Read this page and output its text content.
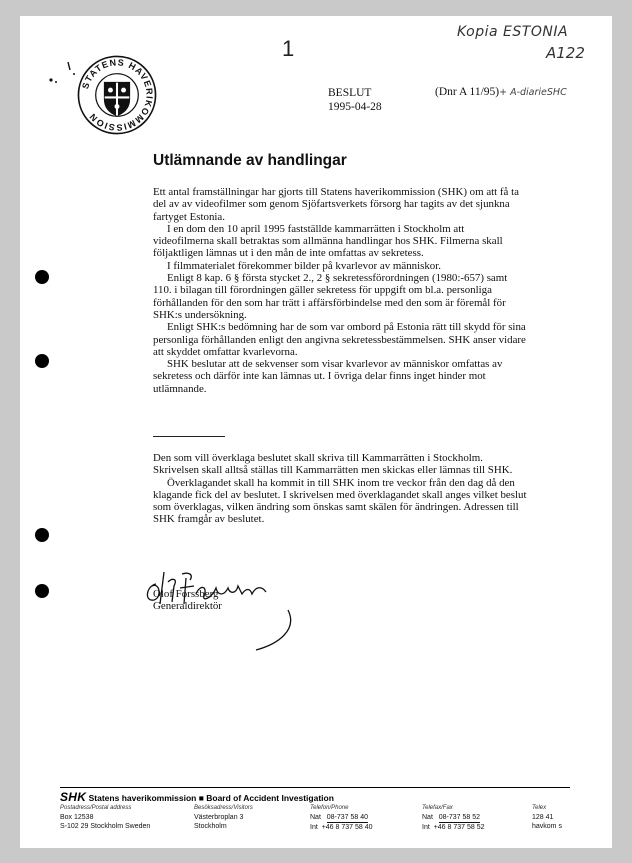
STATENS HAVERIKOMMISSION
1
Kopia ESTONIA
A122
BESLUT
1995-04-28
(Dnr A 11/95)+ A-diarieSHC
Utlämnande av handlingar

Ett antal framställningar har gjorts till Statens haverikommission (SHK) om att få ta del av av videofilmer som genom Sjöfartsverkets försorg har tagits av det sjunkna fartyget Estonia.

I en dom den 10 april 1995 fastställde kammarrätten i Stockholm att videofilmerna skall betraktas som allmänna handlingar hos SHK. Filmerna skall följaktligen lämnas ut i den mån de inte omfattas av sekretess.

I filmmaterialet förekommer bilder på kvarlevor av människor.

Enligt 8 kap. 6 § första stycket 2., 2 § sekretessförordningen (1980:-657) samt 110. i bilagan till förordningen gäller sekretess för uppgift om bl.a. personliga förhållanden för den som har trätt i affärsförbindelse med den som är föremål för SHK:s undersökning.

Enligt SHK:s bedömning har de som var ombord på Estonia rätt till skydd för sina personliga förhållanden enligt den angivna sekretessbestämmelsen. SHK anser vidare att skyddet omfattar kvarlevorna.

SHK beslutar att de sekvenser som visar kvarlevor av människor omfattas av sekretess och därför inte kan lämnas ut. I övriga delar finns inget hinder mot utlämnande.

Den som vill överklaga beslutet skall skriva till Kammarrätten i Stockholm. Skrivelsen skall alltså ställas till Kammarrätten men skickas eller lämnas till SHK.

Överklagandet skall ha kommit in till SHK inom tre veckor från den dag då den klagande fick del av beslutet. I skrivelsen med överklagandet skall anges vilket beslut som överklagas, vilken ändring som önskas samt skälen för ändringen. Adressen till SHK framgår av beslutet.

Olof Forssberg
Generaldirektör
SHK Statens haverikommission ■ Board of Accident Investigation
Postadress/Postal address
Box 12538
S-102 29 Stockholm Sweden
Besöksadress/Visitors
Västerbroplan 3
Stockholm
Telefon/Phone
Nat 08-737 58 40
Int +46 8 737 58 40
Telefax/Fax
Nat 08-737 58 52
Int +46 8 737 58 52
Telex
128 41
havkom s
